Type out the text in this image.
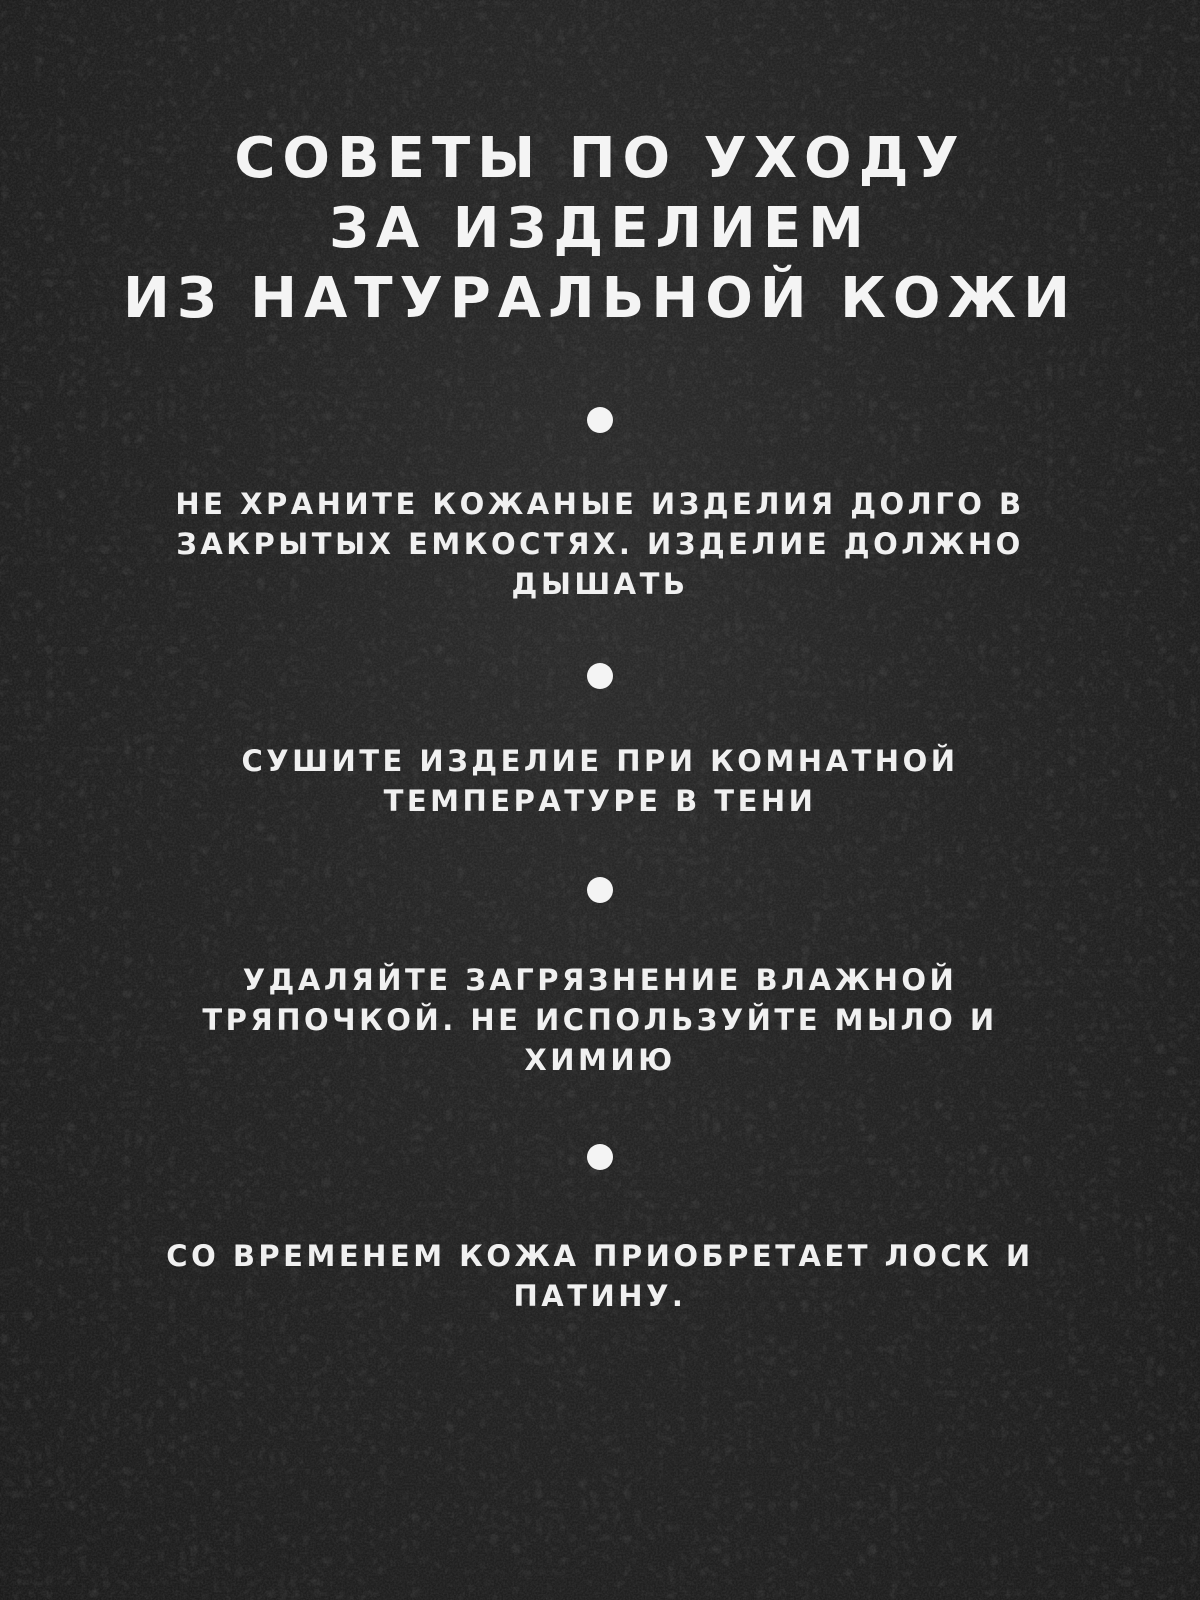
СОВЕТЫ ПО УХОДУ
ЗА ИЗДЕЛИЕМ
ИЗ НАТУРАЛЬНОЙ КОЖИ

НЕ ХРАНИТЕ КОЖАНЫЕ ИЗДЕЛИЯ ДОЛГО В
ЗАКРЫТЫХ ЕМКОСТЯХ. ИЗДЕЛИЕ ДОЛЖНО
ДЫШАТЬ

СУШИТЕ ИЗДЕЛИЕ ПРИ КОМНАТНОЙ
ТЕМПЕРАТУРЕ В ТЕНИ

УДАЛЯЙТЕ ЗАГРЯЗНЕНИЕ ВЛАЖНОЙ
ТРЯПОЧКОЙ. НЕ ИСПОЛЬЗУЙТЕ МЫЛО И
ХИМИЮ

СО ВРЕМЕНЕМ КОЖА ПРИОБРЕТАЕТ ЛОСК И
ПАТИНУ.
